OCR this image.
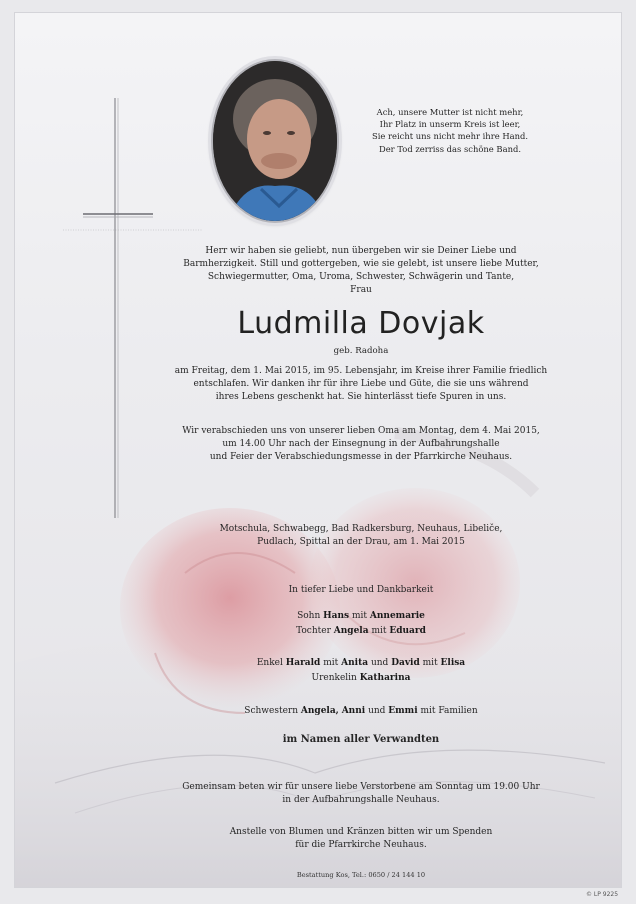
Ach, unsere Mutter ist nicht mehr,
Ihr Platz in unserm Kreis ist leer,
Sie reicht uns nicht mehr ihre Hand.
Der Tod zerriss das schöne Band.
Herr wir haben sie geliebt, nun übergeben wir sie Deiner Liebe und
Barmherzigkeit. Still und gottergeben, wie sie gelebt, ist unsere liebe Mutter,
Schwiegermutter, Oma, Uroma, Schwester, Schwägerin und Tante,
Frau
Ludmilla Dovjak
geb. Radoha
am Freitag, dem 1. Mai 2015, im 95. Lebensjahr, im Kreise ihrer Familie friedlich
entschlafen. Wir danken ihr für ihre Liebe und Güte, die sie uns während
ihres Lebens geschenkt hat. Sie hinterlässt tiefe Spuren in uns.
Wir verabschieden uns von unserer lieben Oma am Montag, dem 4. Mai 2015,
um 14.00 Uhr nach der Einsegnung in der Aufbahrungshalle
und Feier der Verabschiedungsmesse in der Pfarrkirche Neuhaus.
Motschula, Schwabegg, Bad Radkersburg, Neuhaus, Libeliče,
Pudlach, Spittal an der Drau, am 1. Mai 2015
In tiefer Liebe und Dankbarkeit
Sohn Hans mit Annemarie
Tochter Angela mit Eduard
Enkel Harald mit Anita und David mit Elisa
Urenkelin Katharina
Schwestern Angela, Anni und Emmi mit Familien
im Namen aller Verwandten
Gemeinsam beten wir für unsere liebe Verstorbene am Sonntag um 19.00 Uhr
in der Aufbahrungshalle Neuhaus.
Anstelle von Blumen und Kränzen bitten wir um Spenden
für die Pfarrkirche Neuhaus.
Bestattung Kos, Tel.: 0650 / 24 144 10
© LP 9225
